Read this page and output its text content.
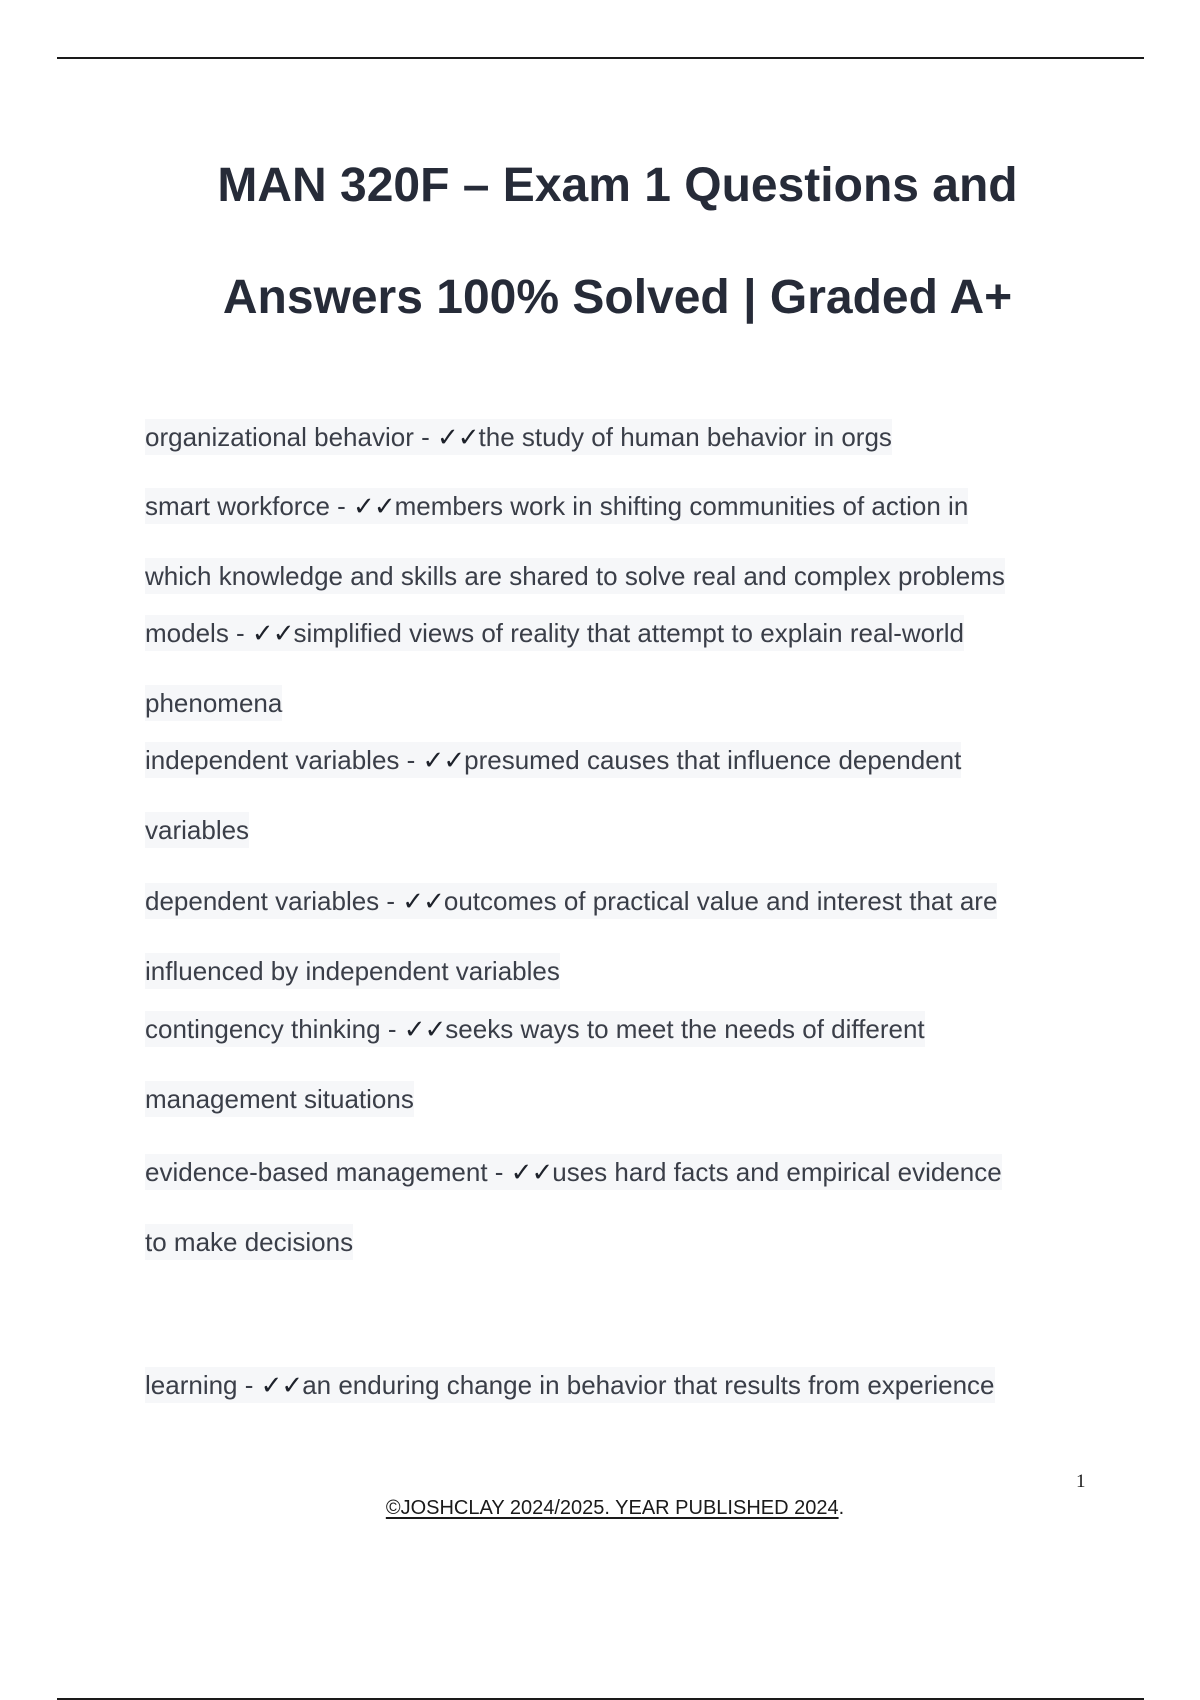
MAN 320F – Exam 1 Questions and
Answers 100% Solved | Graded A+
organizational behavior - ✓✓the study of human behavior in orgs
smart workforce - ✓✓members work in shifting communities of action in
which knowledge and skills are shared to solve real and complex problems
models - ✓✓simplified views of reality that attempt to explain real-world
phenomena
independent variables - ✓✓presumed causes that influence dependent
variables
dependent variables - ✓✓outcomes of practical value and interest that are
influenced by independent variables
contingency thinking - ✓✓seeks ways to meet the needs of different
management situations
evidence-based management - ✓✓uses hard facts and empirical evidence
to make decisions
learning - ✓✓an enduring change in behavior that results from experience
1
©JOSHCLAY 2024/2025. YEAR PUBLISHED 2024.
